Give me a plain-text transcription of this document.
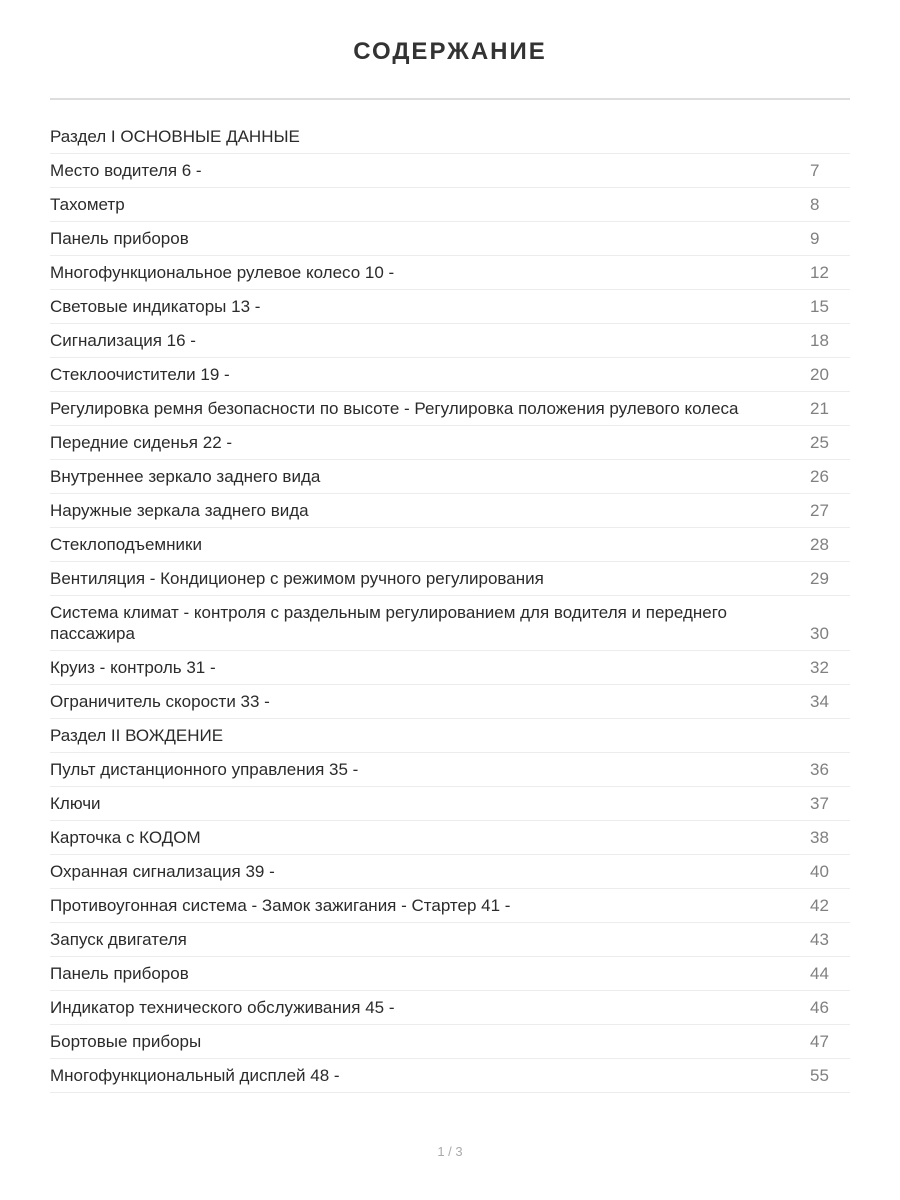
СОДЕРЖАНИЕ
Раздел I ОСНОВНЫЕ ДАННЫЕ
Место водителя 6 -	7
Тахометр	8
Панель приборов	9
Многофункциональное рулевое колесо 10 -	12
Световые индикаторы 13 -	15
Сигнализация 16 -	18
Стеклоочистители 19 -	20
Регулировка ремня безопасности по высоте - Регулировка положения рулевого колеса	21
Передние сиденья 22 -	25
Внутреннее зеркало заднего вида	26
Наружные зеркала заднего вида	27
Стеклоподъемники	28
Вентиляция - Кондиционер с режимом ручного регулирования	29
Система климат - контроля с раздельным регулированием для водителя и переднего пассажира	30
Круиз - контроль 31 -	32
Ограничитель скорости 33 -	34
Раздел II ВОЖДЕНИЕ
Пульт дистанционного управления 35 -	36
Ключи	37
Карточка с КОДОМ	38
Охранная сигнализация 39 -	40
Противоугонная система - Замок зажигания - Стартер 41 -	42
Запуск двигателя	43
Панель приборов	44
Индикатор технического обслуживания 45 -	46
Бортовые приборы	47
Многофункциональный дисплей 48 -	55
1 / 3
